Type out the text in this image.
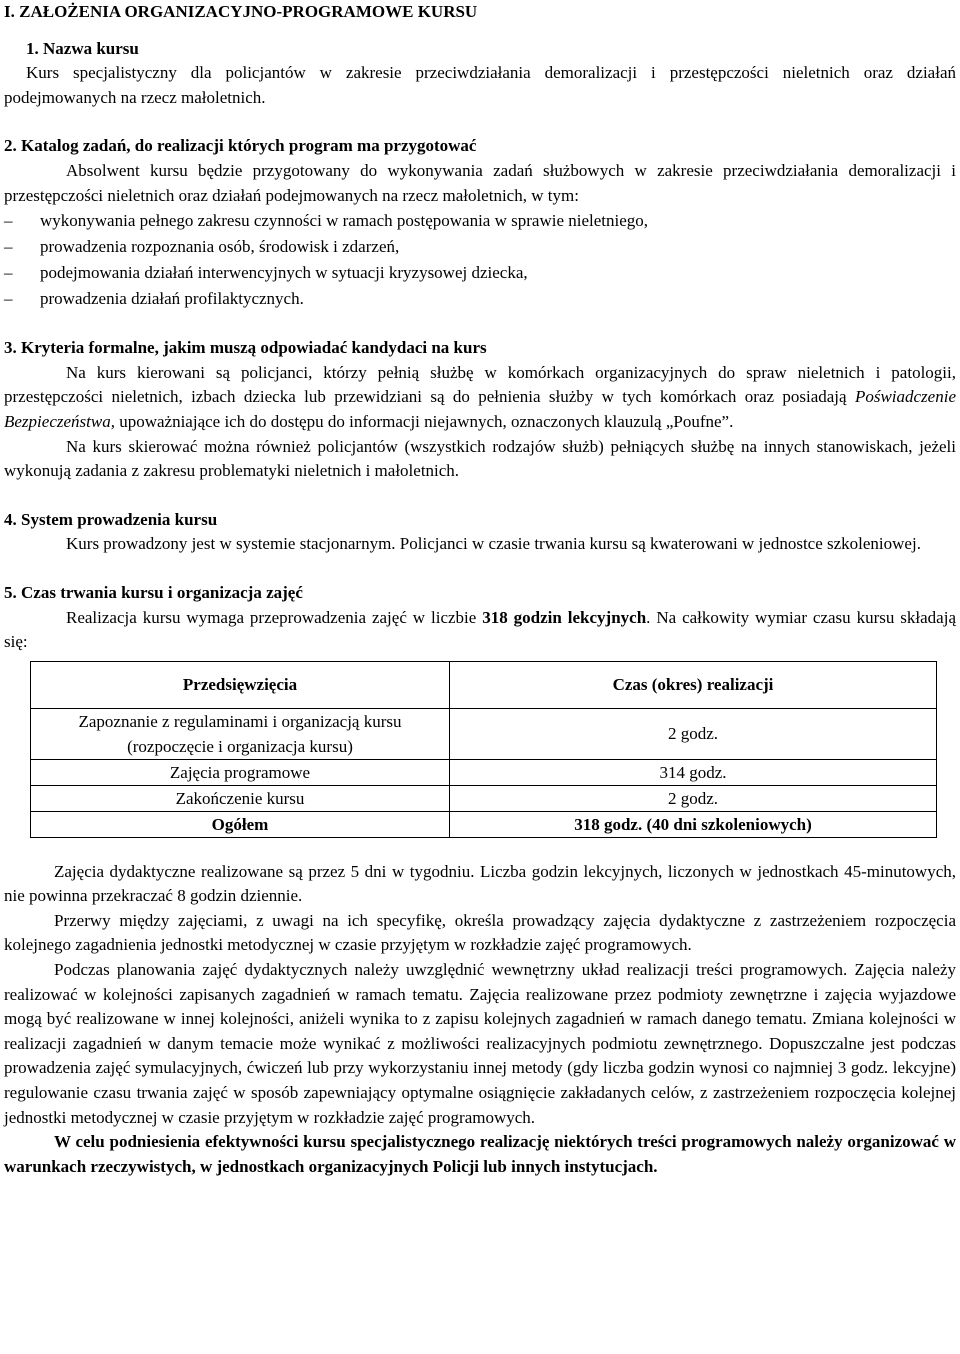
I. ZAŁOŻENIA ORGANIZACYJNO-PROGRAMOWE KURSU

1. Nazwa kursu

Kurs specjalistyczny dla policjantów w zakresie przeciwdziałania demoralizacji i przestępczości nieletnich oraz działań podejmowanych na rzecz małoletnich.

2. Katalog zadań, do realizacji których program ma przygotować

Absolwent kursu będzie przygotowany do wykonywania zadań służbowych w zakresie przeciwdziałania demoralizacji i przestępczości nieletnich oraz działań podejmowanych na rzecz małoletnich, w tym:

– wykonywania pełnego zakresu czynności w ramach postępowania w sprawie nieletniego,
– prowadzenia rozpoznania osób, środowisk i zdarzeń,
– podejmowania działań interwencyjnych w sytuacji kryzysowej dziecka,
– prowadzenia działań profilaktycznych.

3. Kryteria formalne, jakim muszą odpowiadać kandydaci na kurs

Na kurs kierowani są policjanci, którzy pełnią służbę w komórkach organizacyjnych do spraw nieletnich i patologii, przestępczości nieletnich, izbach dziecka lub przewidziani są do pełnienia służby w tych komórkach oraz posiadają Poświadczenie Bezpieczeństwa, upoważniające ich do dostępu do informacji niejawnych, oznaczonych klauzulą „Poufne”.

Na kurs skierować można również policjantów (wszystkich rodzajów służb) pełniących służbę na innych stanowiskach, jeżeli wykonują zadania z zakresu problematyki nieletnich i małoletnich.

4. System prowadzenia kursu

Kurs prowadzony jest w systemie stacjonarnym. Policjanci w czasie trwania kursu są kwaterowani w jednostce szkoleniowej.

5. Czas trwania kursu i organizacja zajęć

Realizacja kursu wymaga przeprowadzenia zajęć w liczbie 318 godzin lekcyjnych. Na całkowity wymiar czasu kursu składają się:

Przedsięwzięcia	Czas (okres) realizacji

Zapoznanie z regulaminami i organizacją kursu
(rozpoczęcie i organizacja kursu)	2 godz.
Zajęcia programowe	314 godz.
Zakończenie kursu	2 godz.
Ogółem	318 godz. (40 dni szkoleniowych)

Zajęcia dydaktyczne realizowane są przez 5 dni w tygodniu. Liczba godzin lekcyjnych, liczonych w jednostkach 45-minutowych, nie powinna przekraczać 8 godzin dziennie.

Przerwy między zajęciami, z uwagi na ich specyfikę, określa prowadzący zajęcia dydaktyczne z zastrzeżeniem rozpoczęcia kolejnego zagadnienia jednostki metodycznej w czasie przyjętym w rozkładzie zajęć programowych.

Podczas planowania zajęć dydaktycznych należy uwzględnić wewnętrzny układ realizacji treści programowych. Zajęcia należy realizować w kolejności zapisanych zagadnień w ramach tematu. Zajęcia realizowane przez podmioty zewnętrzne i zajęcia wyjazdowe mogą być realizowane w innej kolejności, aniżeli wynika to z zapisu kolejnych zagadnień w ramach danego tematu. Zmiana kolejności w realizacji zagadnień w danym temacie może wynikać z możliwości realizacyjnych podmiotu zewnętrznego. Dopuszczalne jest podczas prowadzenia zajęć symulacyjnych, ćwiczeń lub przy wykorzystaniu innej metody (gdy liczba godzin wynosi co najmniej 3 godz. lekcyjne) regulowanie czasu trwania zajęć w sposób zapewniający optymalne osiągnięcie zakładanych celów, z zastrzeżeniem rozpoczęcia kolejnej jednostki metodycznej w czasie przyjętym w rozkładzie zajęć programowych.

W celu podniesienia efektywności kursu specjalistycznego realizację niektórych treści programowych należy organizować w warunkach rzeczywistych, w jednostkach organizacyjnych Policji lub innych instytucjach.
